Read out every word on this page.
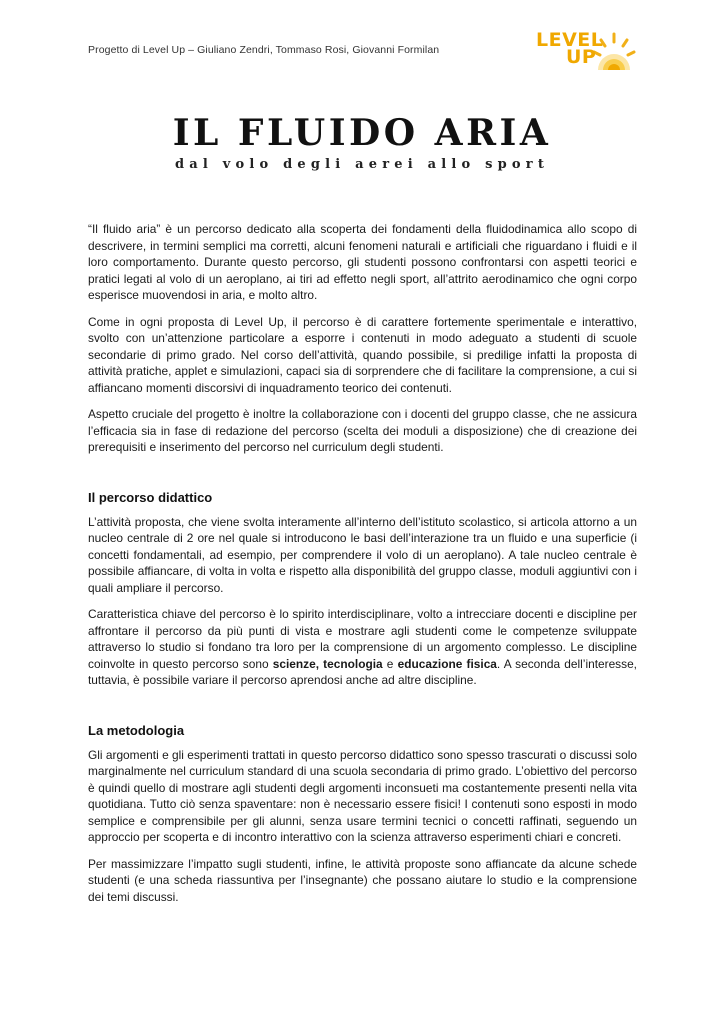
Progetto di Level Up – Giuliano Zendri, Tommaso Rosi, Giovanni Formilan	LEVEL
UP
IL FLUIDO ARIA
dal volo degli aerei allo sport

“Il fluido aria” è un percorso dedicato alla scoperta dei fondamenti della fluidodinamica allo scopo di descrivere, in termini semplici ma corretti, alcuni fenomeni naturali e artificiali che riguardano i fluidi e il loro comportamento. Durante questo percorso, gli studenti possono confrontarsi con aspetti teorici e pratici legati al volo di un aeroplano, ai tiri ad effetto negli sport, all’attrito aerodinamico che ogni corpo esperisce muovendosi in aria, e molto altro.

Come in ogni proposta di Level Up, il percorso è di carattere fortemente sperimentale e interattivo, svolto con un’attenzione particolare a esporre i contenuti in modo adeguato a studenti di scuole secondarie di primo grado. Nel corso dell’attività, quando possibile, si predilige infatti la proposta di attività pratiche, applet e simulazioni, capaci sia di sorprendere che di facilitare la comprensione, a cui si affiancano momenti discorsivi di inquadramento teorico dei contenuti.

Aspetto cruciale del progetto è inoltre la collaborazione con i docenti del gruppo classe, che ne assicura l’efficacia sia in fase di redazione del percorso (scelta dei moduli a disposizione) che di creazione dei prerequisiti e inserimento del percorso nel curriculum degli studenti.

Il percorso didattico

L’attività proposta, che viene svolta interamente all’interno dell’istituto scolastico, si articola attorno a un nucleo centrale di 2 ore nel quale si introducono le basi dell’interazione tra un fluido e una superficie (i concetti fondamentali, ad esempio, per comprendere il volo di un aeroplano). A tale nucleo centrale è possibile affiancare, di volta in volta e rispetto alla disponibilità del gruppo classe, moduli aggiuntivi con i quali ampliare il percorso.

Caratteristica chiave del percorso è lo spirito interdisciplinare, volto a intrecciare docenti e discipline per affrontare il percorso da più punti di vista e mostrare agli studenti come le competenze sviluppate attraverso lo studio si fondano tra loro per la comprensione di un argomento complesso. Le discipline coinvolte in questo percorso sono scienze, tecnologia e educazione fisica. A seconda dell’interesse, tuttavia, è possibile variare il percorso aprendosi anche ad altre discipline.

La metodologia

Gli argomenti e gli esperimenti trattati in questo percorso didattico sono spesso trascurati o discussi solo marginalmente nel curriculum standard di una scuola secondaria di primo grado. L’obiettivo del percorso è quindi quello di mostrare agli studenti degli argomenti inconsueti ma costantemente presenti nella vita quotidiana. Tutto ciò senza spaventare: non è necessario essere fisici! I contenuti sono esposti in modo semplice e comprensibile per gli alunni, senza usare termini tecnici o concetti raffinati, seguendo un approccio per scoperta e di incontro interattivo con la scienza attraverso esperimenti chiari e concreti.

Per massimizzare l’impatto sugli studenti, infine, le attività proposte sono affiancate da alcune schede studenti (e una scheda riassuntiva per l’insegnante) che possano aiutare lo studio e la comprensione dei temi discussi.
